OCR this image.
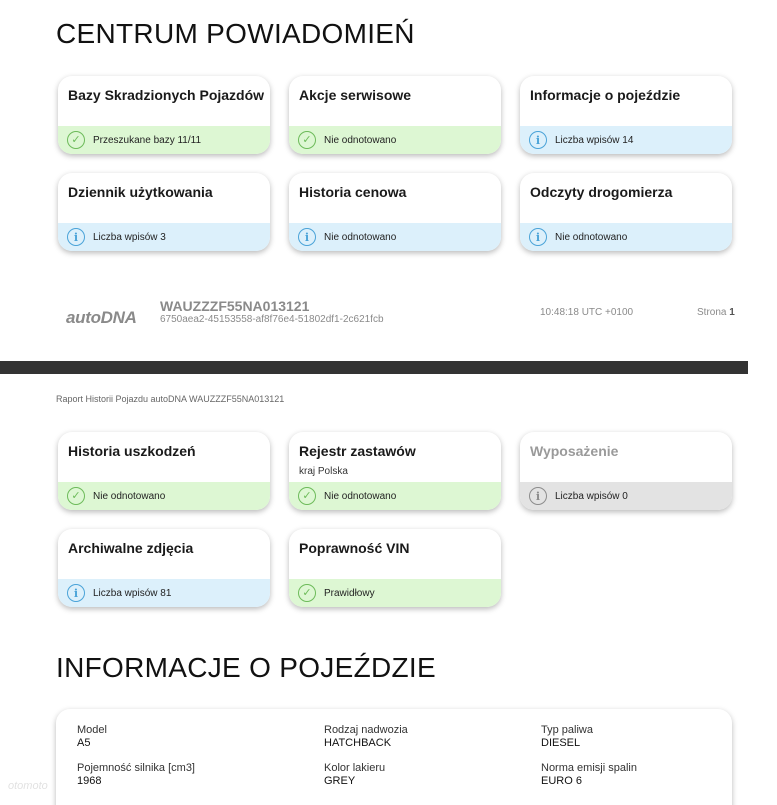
CENTRUM POWIADOMIEŃ
Bazy Skradzionych Pojazdów
✓	Przeszukane bazy 11/11
Akcje serwisowe
✓	Nie odnotowano
Informacje o pojeździe
i	Liczba wpisów 14
Dziennik użytkowania
i	Liczba wpisów 3
Historia cenowa
i	Nie odnotowano
Odczyty drogomierza
i	Nie odnotowano
autoDNA
WAUZZZF55NA013121
6750aea2-45153558-af8f76e4-51802df1-2c621fcb
10:48:18 UTC +0100	Strona 1
Raport Historii Pojazdu autoDNA WAUZZZF55NA013121
Historia uszkodzeń
✓	Nie odnotowano
Rejestr zastawów
kraj Polska
✓	Nie odnotowano
Wyposażenie
i	Liczba wpisów 0
Archiwalne zdjęcia
i	Liczba wpisów 81
Poprawność VIN
✓	Prawidłowy
INFORMACJE O POJEŹDZIE
Model
A5
Rodzaj nadwozia
HATCHBACK
Typ paliwa
DIESEL
Pojemność silnika [cm3]
1968
Kolor lakieru
GREY
Norma emisji spalin
EURO 6
otomoto
